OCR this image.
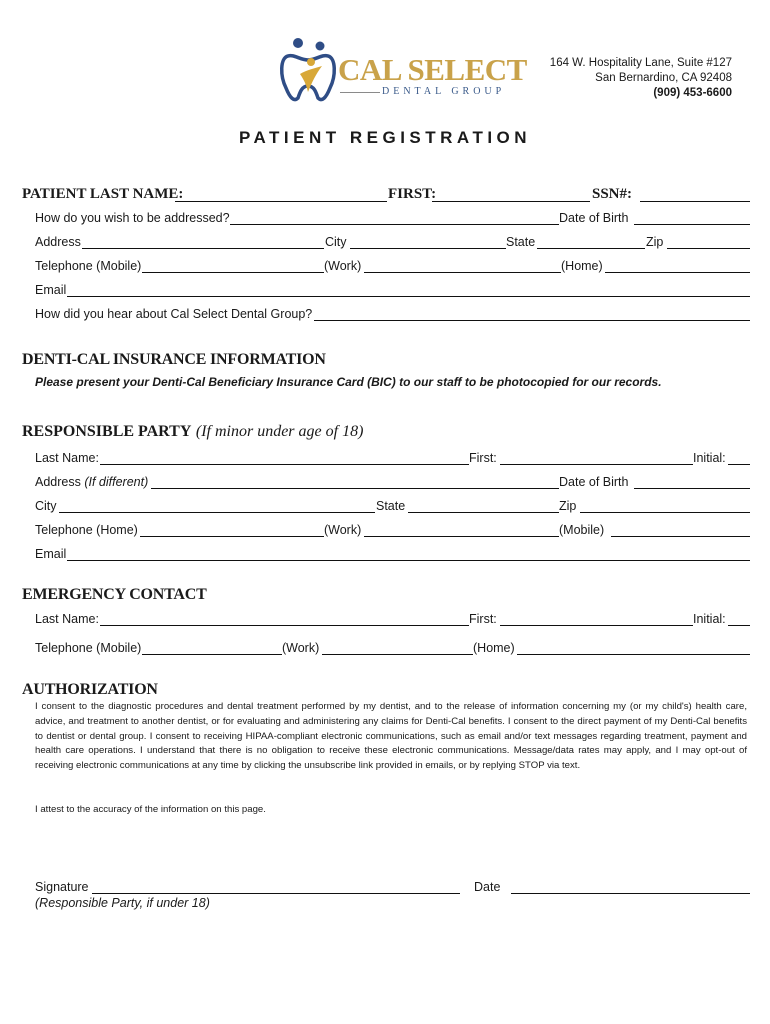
CAL SELECT
DENTAL GROUP
164 W. Hospitality Lane, Suite #127
San Bernardino, CA 92408
(909) 453-6600
PATIENT REGISTRATION
PATIENT LAST NAME:	FIRST:	SSN#:
How do you wish to be addressed?	Date of Birth
Address	City	State	Zip
Telephone (Mobile)	(Work)	(Home)
Email
How did you hear about Cal Select Dental Group?
DENTI-CAL INSURANCE INFORMATION
Please present your Denti-Cal Beneficiary Insurance Card (BIC) to our staff to be photocopied for our records.
RESPONSIBLE PARTY (If minor under age of 18)
Last Name:	First:	Initial:
Address (If different)	Date of Birth
City	State	Zip
Telephone (Home)	(Work)	(Mobile)
Email
EMERGENCY CONTACT
Last Name:	First:	Initial:
Telephone (Mobile)	(Work)	(Home)
AUTHORIZATION
I consent to the diagnostic procedures and dental treatment performed by my dentist, and to the release of information concerning my (or my child's) health care, advice, and treatment to another dentist, or for evaluating and administering any claims for Denti-Cal benefits. I consent to the direct payment of my Denti-Cal benefits to dentist or dental group. I consent to receiving HIPAA-compliant electronic communications, such as email and/or text messages regarding treatment, payment and health care operations. I understand that there is no obligation to receive these electronic communications. Message/data rates may apply, and I may opt-out of receiving electronic communications at any time by clicking the unsubscribe link provided in emails, or by replying STOP via text.
I attest to the accuracy of the information on this page.
Signature
(Responsible Party, if under 18)
Date
